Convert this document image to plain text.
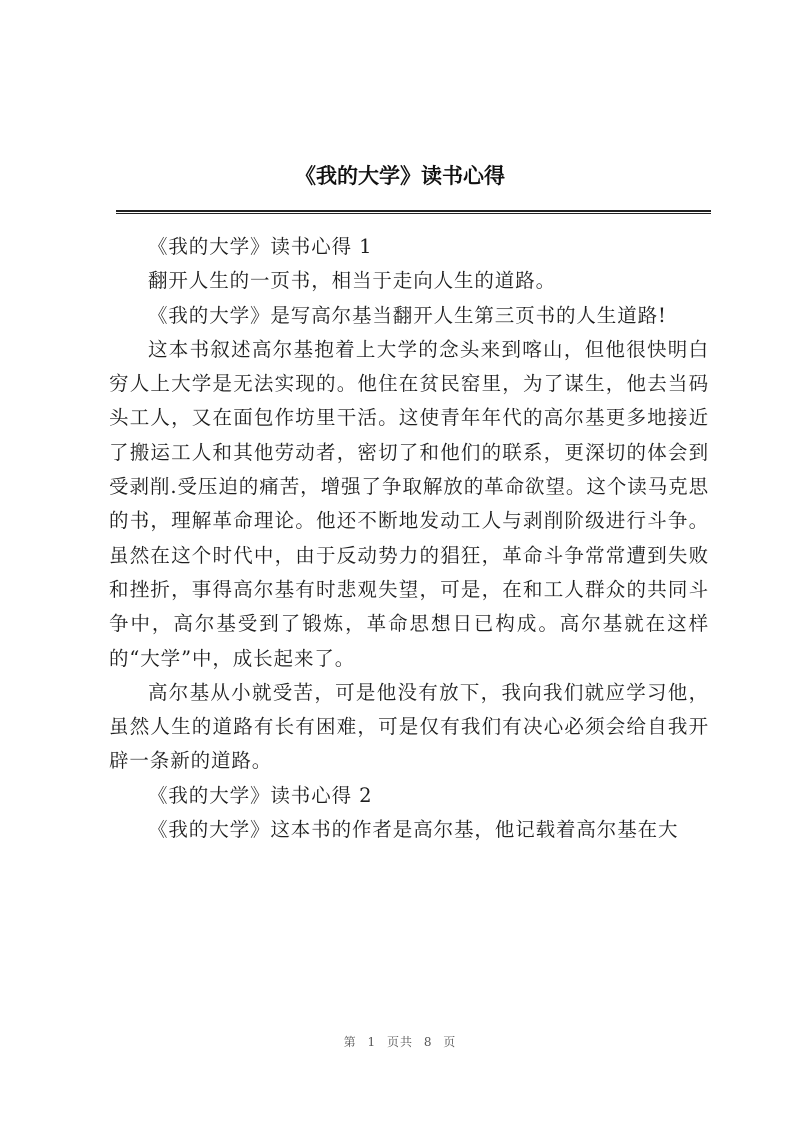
《我的大学》读书心得

《我的大学》读书心得 1

翻开人生的一页书，相当于走向人生的道路。

《我的大学》是写高尔基当翻开人生第三页书的人生道路!

这本书叙述高尔基抱着上大学的念头来到喀山，但他很快明白穷人上大学是无法实现的。他住在贫民窑里，为了谋生，他去当码头工人，又在面包作坊里干活。这使青年年代的高尔基更多地接近了搬运工人和其他劳动者，密切了和他们的联系，更深切的体会到受剥削.受压迫的痛苦，增强了争取解放的革命欲望。这个读马克思的书，理解革命理论。他还不断地发动工人与剥削阶级进行斗争。虽然在这个时代中，由于反动势力的猖狂，革命斗争常常遭到失败和挫折，事得高尔基有时悲观失望，可是，在和工人群众的共同斗争中，高尔基受到了锻炼，革命思想日已构成。高尔基就在这样的“大学”中，成长起来了。

高尔基从小就受苦，可是他没有放下，我向我们就应学习他，虽然人生的道路有长有困难，可是仅有我们有决心必须会给自我开辟一条新的道路。

《我的大学》读书心得 2

《我的大学》这本书的作者是高尔基，他记载着高尔基在大

第 1 页共 8 页
